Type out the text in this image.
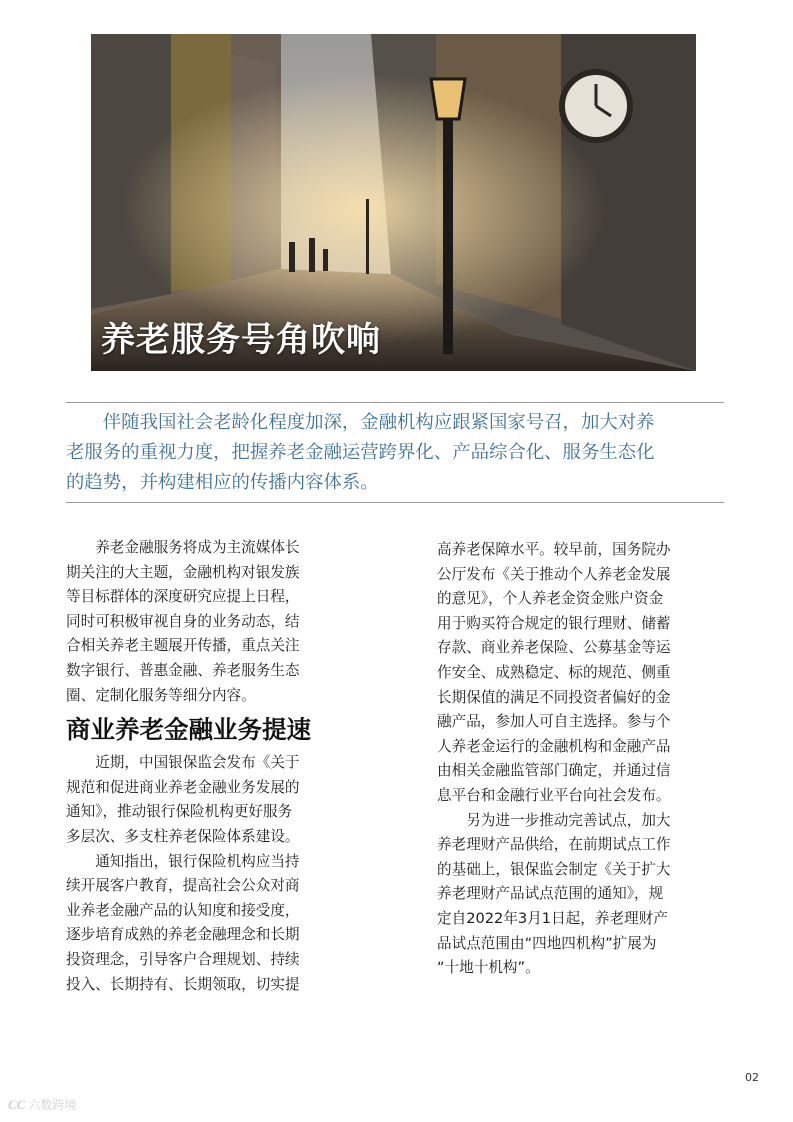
养老服务号角吹响
　　伴随我国社会老龄化程度加深，金融机构应跟紧国家号召，加大对养
老服务的重视力度，把握养老金融运营跨界化、产品综合化、服务生态化
的趋势，并构建相应的传播内容体系。
　　养老金融服务将成为主流媒体长
期关注的大主题，金融机构对银发族
等目标群体的深度研究应提上日程，
同时可积极审视自身的业务动态，结
合相关养老主题展开传播，重点关注
数字银行、普惠金融、养老服务生态
圈、定制化服务等细分内容。
商业养老金融业务提速
　　近期，中国银保监会发布《关于
规范和促进商业养老金融业务发展的
通知》，推动银行保险机构更好服务
多层次、多支柱养老保险体系建设。
　　通知指出，银行保险机构应当持
续开展客户教育，提高社会公众对商
业养老金融产品的认知度和接受度，
逐步培育成熟的养老金融理念和长期
投资理念，引导客户合理规划、持续
投入、长期持有、长期领取，切实提
高养老保障水平。较早前，国务院办
公厅发布《关于推动个人养老金发展
的意见》，个人养老金资金账户资金
用于购买符合规定的银行理财、储蓄
存款、商业养老保险、公募基金等运
作安全、成熟稳定、标的规范、侧重
长期保值的满足不同投资者偏好的金
融产品，参加人可自主选择。参与个
人养老金运行的金融机构和金融产品
由相关金融监管部门确定，并通过信
息平台和金融行业平台向社会发布。
　　另为进一步推动完善试点，加大
养老理财产品供给，在前期试点工作
的基础上，银保监会制定《关于扩大
养老理财产品试点范围的通知》，规
定自2022年3月1日起，养老理财产
品试点范围由“四地四机构”扩展为
“十地十机构”。
02
CC 六数跨境
